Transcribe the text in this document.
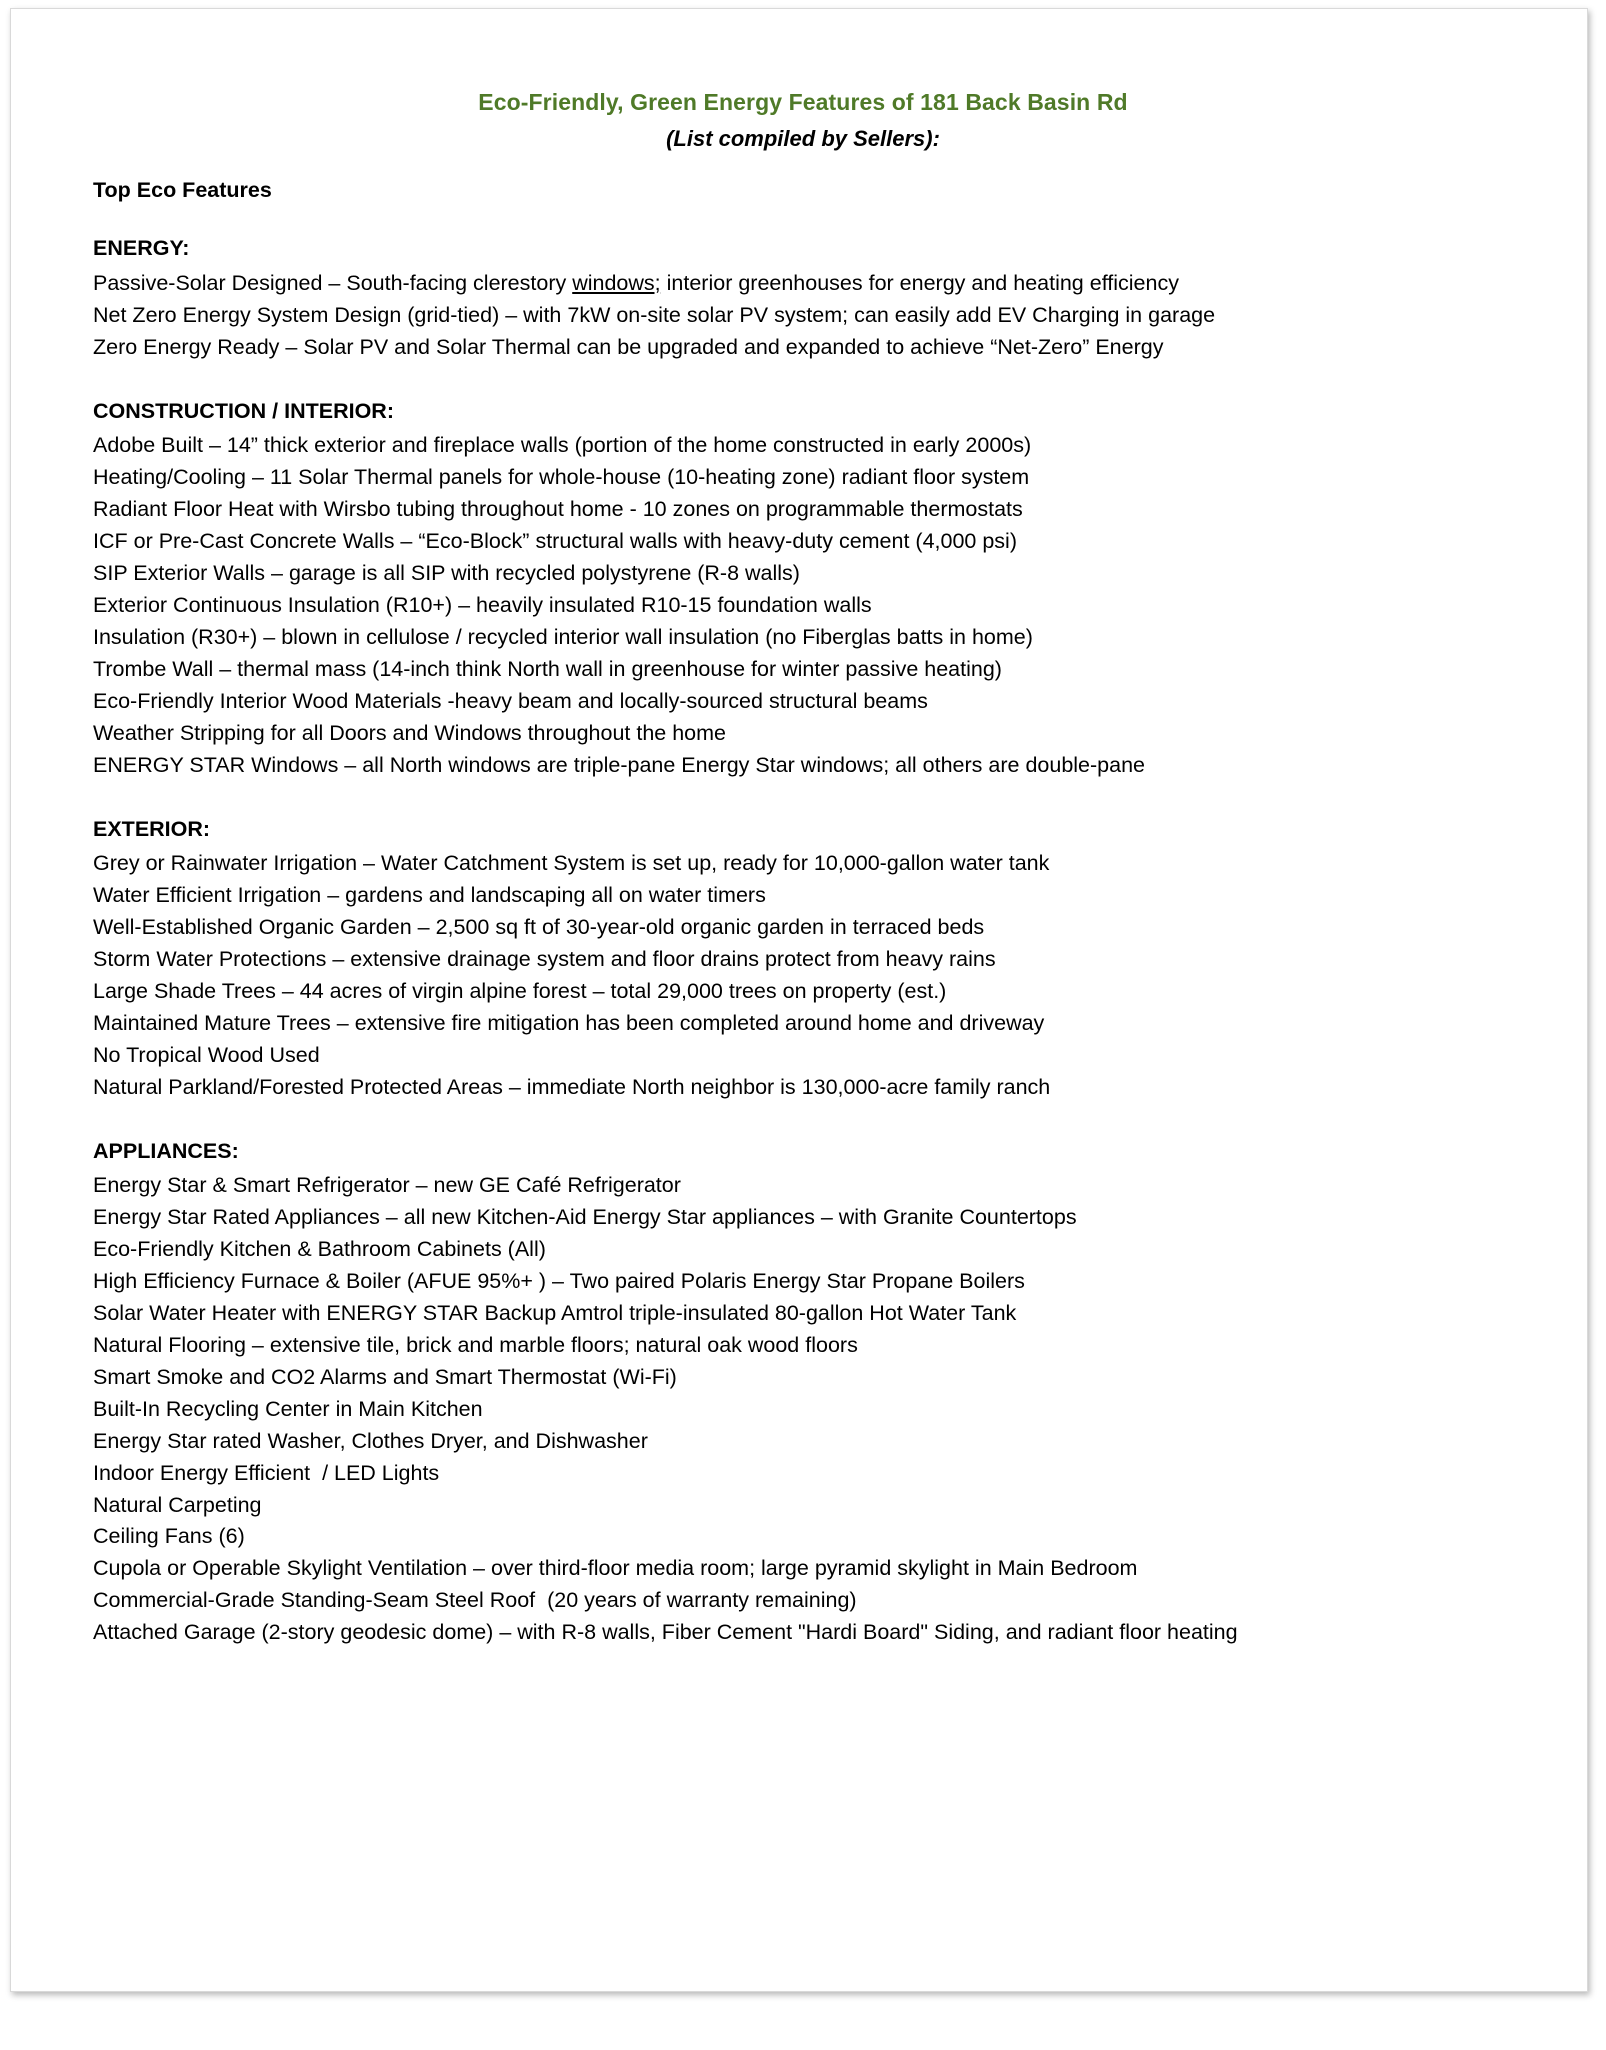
Eco-Friendly, Green Energy Features of 181 Back Basin Rd
(List compiled by Sellers):
Top Eco Features
ENERGY:
Passive-Solar Designed – South-facing clerestory windows; interior greenhouses for energy and heating efficiency
Net Zero Energy System Design (grid-tied) – with 7kW on-site solar PV system; can easily add EV Charging in garage
Zero Energy Ready – Solar PV and Solar Thermal can be upgraded and expanded to achieve “Net-Zero” Energy
CONSTRUCTION / INTERIOR:
Adobe Built – 14” thick exterior and fireplace walls (portion of the home constructed in early 2000s)
Heating/Cooling – 11 Solar Thermal panels for whole-house (10-heating zone) radiant floor system
Radiant Floor Heat with Wirsbo tubing throughout home - 10 zones on programmable thermostats
ICF or Pre-Cast Concrete Walls – “Eco-Block” structural walls with heavy-duty cement (4,000 psi)
SIP Exterior Walls – garage is all SIP with recycled polystyrene (R-8 walls)
Exterior Continuous Insulation (R10+) – heavily insulated R10-15 foundation walls
Insulation (R30+) – blown in cellulose / recycled interior wall insulation (no Fiberglas batts in home)
Trombe Wall – thermal mass (14-inch think North wall in greenhouse for winter passive heating)
Eco-Friendly Interior Wood Materials -heavy beam and locally-sourced structural beams
Weather Stripping for all Doors and Windows throughout the home
ENERGY STAR Windows – all North windows are triple-pane Energy Star windows; all others are double-pane
EXTERIOR:
Grey or Rainwater Irrigation – Water Catchment System is set up, ready for 10,000-gallon water tank
Water Efficient Irrigation – gardens and landscaping all on water timers
Well-Established Organic Garden – 2,500 sq ft of 30-year-old organic garden in terraced beds
Storm Water Protections – extensive drainage system and floor drains protect from heavy rains
Large Shade Trees – 44 acres of virgin alpine forest – total 29,000 trees on property (est.)
Maintained Mature Trees – extensive fire mitigation has been completed around home and driveway
No Tropical Wood Used
Natural Parkland/Forested Protected Areas – immediate North neighbor is 130,000-acre family ranch
APPLIANCES:
Energy Star & Smart Refrigerator – new GE Café Refrigerator
Energy Star Rated Appliances – all new Kitchen-Aid Energy Star appliances – with Granite Countertops
Eco-Friendly Kitchen & Bathroom Cabinets (All)
High Efficiency Furnace & Boiler (AFUE 95%+ ) – Two paired Polaris Energy Star Propane Boilers
Solar Water Heater with ENERGY STAR Backup Amtrol triple-insulated 80-gallon Hot Water Tank
Natural Flooring – extensive tile, brick and marble floors; natural oak wood floors
Smart Smoke and CO2 Alarms and Smart Thermostat (Wi-Fi)
Built-In Recycling Center in Main Kitchen
Energy Star rated Washer, Clothes Dryer, and Dishwasher
Indoor Energy Efficient  / LED Lights
Natural Carpeting
Ceiling Fans (6)
Cupola or Operable Skylight Ventilation – over third-floor media room; large pyramid skylight in Main Bedroom
Commercial-Grade Standing-Seam Steel Roof  (20 years of warranty remaining)
Attached Garage (2-story geodesic dome) – with R-8 walls, Fiber Cement "Hardi Board" Siding, and radiant floor heating
